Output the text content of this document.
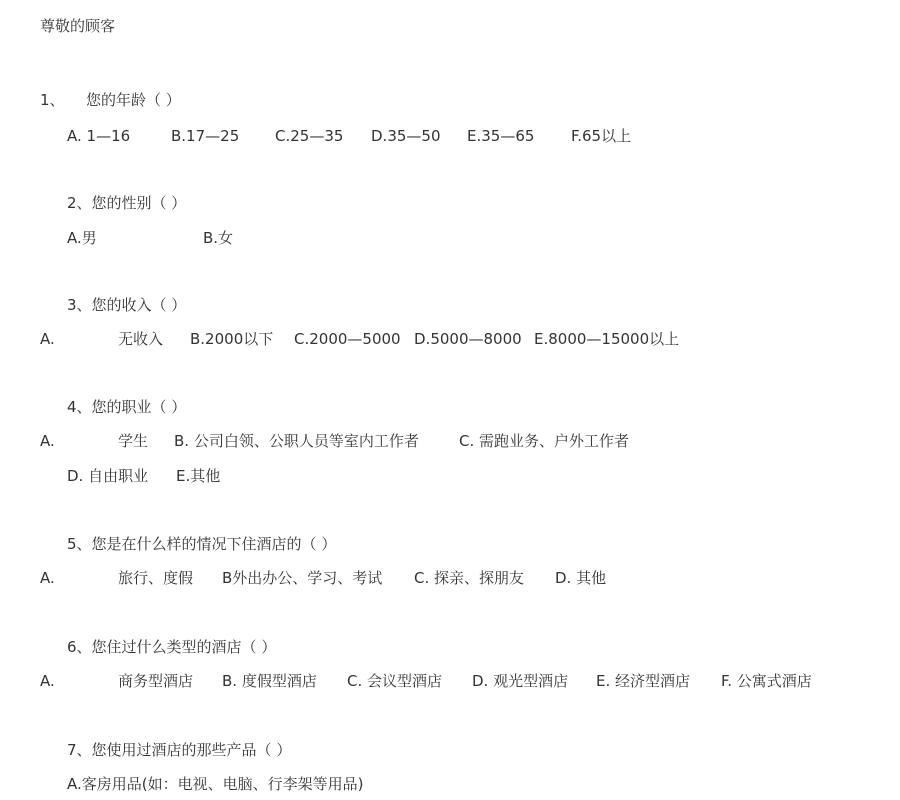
尊敬的顾客
1、 您的年龄（ ）
A. 1—16	B.17—25 C.25—35 D.35—50 E.35—65 F.65以上
2、您的性别（ ）
A.男	B.女
3、您的收入（ ）
A.	无收入 B.2000以下 C.2000—5000 D.5000—8000 E.8000—15000以上
4、您的职业（ ）
A.	学生 B. 公司白领、公职人员等室内工作者	C. 需跑业务、户外工作者
D. 自由职业 E.其他
5、您是在什么样的情况下住酒店的（ ）
A.	旅行、度假 B外出办公、学习、考试 C. 探亲、探朋友 D. 其他
6、您住过什么类型的酒店（ ）
A.	商务型酒店 B. 度假型酒店 C. 会议型酒店 D. 观光型酒店 E. 经济型酒店 F. 公寓式酒店
7、您使用过酒店的那些产品（ ）
A.客房用品(如：电视、电脑、行李架等用品)
